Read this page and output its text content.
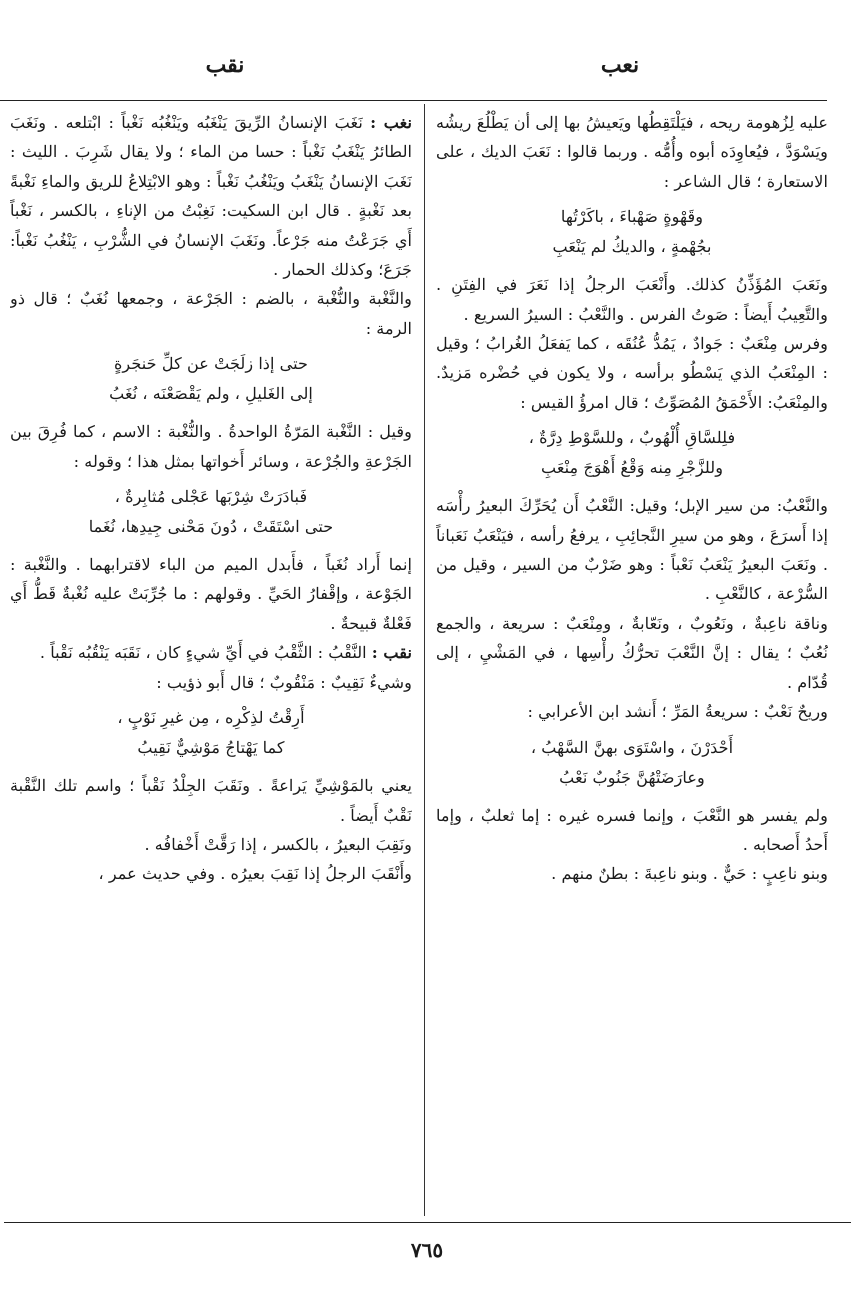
نعب
نقب

عليه لِزُهومة ريحه ، فيَلْتَقِطُها ويَعيشُ بها إلى أن يَطْلُعَ ريشُه ويَسْوَدَّ ، فيُعاوِدَه أبوه وأُمُّه . وربما قالوا : نَعَبَ الديك ، على الاستعارة ؛ قال الشاعر :

وقَهْوةٍ صَهْباءَ ، باكَرْتُها
بجُهْمةٍ ، والديكُ لم يَنْعَبِ

ونَعَبَ المُؤَذِّنُ كذلك. وأَنْعَبَ الرجلُ إذا نَعَرَ في الفِتَنِ . والتَّعِيبُ أَيضاً : صَوتُ الفرس . والنَّعْبُ : السيرُ السريع .

وفرس مِنْعَبٌ : جَوادٌ ، يَمُدُّ عُنُقَه ، كما يَفعَلُ الغُرابُ ؛ وقيل : المِنْعَبُ الذي يَسْطُو برأسه ، ولا يكون في حُضْره مَزيدٌ. والمِنْعَبُ: الأَحْمَقُ المُصَوِّتُ ؛ قال امرؤُ القيس :

فلِلسَّاقِ أُلْهُوبٌ ، وللسَّوْطِ دِرَّةٌ ،
وللزَّجْرِ مِنه وَقْعُ أَهْوَجَ مِنْعَبِ

والنَّعْبُ: من سير الإبل؛ وقيل: النَّعْبُ أَن يُحَرِّكَ البعيرُ رأْسَه إذا أَسرَعَ ، وهو من سيرِ النَّجائِبِ ، يرفعُ رأسه ، فيَنْعَبُ نَعَباناً . ونَعَبَ البعيرُ يَنْعَبُ نَعْباً : وهو ضَرْبٌ من السير ، وقيل من السُّرْعة ، كالنَّعْبِ .

وناقة ناعِبةٌ ، ونَعُوبٌ ، ونَعّابةٌ ، ومِنْعَبٌ : سريعة ، والجمع نُعُبٌ ؛ يقال : إنَّ النَّعْبَ تحرُّكُ رأْسِها ، في المَشْيِ ، إلى قُدّام .

وريحٌ نَعْبٌ : سريعةُ المَرِّ ؛ أَنشد ابن الأعرابي :

أَحْدَرْنَ ، واسْتَوَى بهنَّ السَّهْبُ ،
وعارَضَتْهُنَّ جَنُوبٌ نَعْبُ

ولم يفسر هو النَّعْبَ ، وإنما فسره غيره : إما ثعلبٌ ، وإما أَحدُ أَصحابه .

وبنو ناعِبٍ : حَيٌّ . وبنو ناعِبةَ : بطنٌ منهم .

نغب : نَغَبَ الإنسانُ الرِّيقَ يَنْغَبُه ويَنْغُبُه نَغْباً : ابْتلعه . ونَغَبَ الطائرُ يَنْغَبُ نَغْباً : حسا من الماء ؛ ولا يقال شَرِبَ . الليث : نَغَبَ الإنسانُ يَنْغَبُ ويَنْغُبُ نَغْباً : وهو الابْتِلاعُ للريق والماءِ نَغْبةً بعد نَغْبةٍ . قال ابن السكيت: نَغِبْتُ من الإناءِ ، بالكسر ، نَغْباً أَي جَرَعْتُ منه جَرْعاً. ونَغَبَ الإنسانُ في الشُّرْبِ ، يَنْغُبُ نَغْباً: جَرَعَ؛ وكذلك الحمار .

والنَّغْبة والنُّغْبة ، بالضم : الجَرْعة ، وجمعها نُغَبٌ ؛ قال ذو الرمة :

حتى إذا زلَجَتْ عن كلِّ حَنجَرةٍ
إلى الغَليلِ ، ولم يَقْصَعْنَه ، نُغَبُ

وقيل : النَّغْبة المَرّةُ الواحدةُ . والنُّغْبة : الاسم ، كما فُرِقَ بين الجَرْعةِ والجُرْعة ، وسائر أَخواتها بمثل هذا ؛ وقوله :

فَبادَرَتْ شِرْبَها عَجْلى مُثابِرةٌ ،
حتى اسْتَقَتْ ، دُونَ مَحْنى جِيدِها، نُغَما

إنما أَراد نُغَباً ، فأَبدل الميم من الباء لاقترابهما . والنَّغْبة : الجَوْعة ، وإقْفارُ الحَيِّ . وقولهم : ما جُرِّبَتْ عليه نُغْبةٌ قَطُّ أَي فَعْلةٌ قبيحةٌ .

نقب : النَّقْبُ : الثَّقْبُ في أَيِّ شيءٍ كان ، نَقَبَه يَنْقُبُه نَقْباً .

وشيءٌ نَقِيبٌ : مَنْقُوبٌ ؛ قال أَبو ذؤيب :

أَرِقْتُ لذِكْرِه ، مِن غيرِ نَوْبٍ ،
كما يَهْتاجُ مَوْشِيٌّ نَقِيبُ

يعني بالمَوْشِيِّ يَراعةً . ونَقَبَ الجِلْدُ نَقْباً ؛ واسم تلك النَّقْبة نَقْبٌ أَيضاً .

ونَقِبَ البعيرُ ، بالكسر ، إذا رَقَّتْ أَخْفافُه .

وأَنْقَبَ الرجلُ إذا نَقِبَ بعيرُه . وفي حديث عمر ،

٧٦٥
